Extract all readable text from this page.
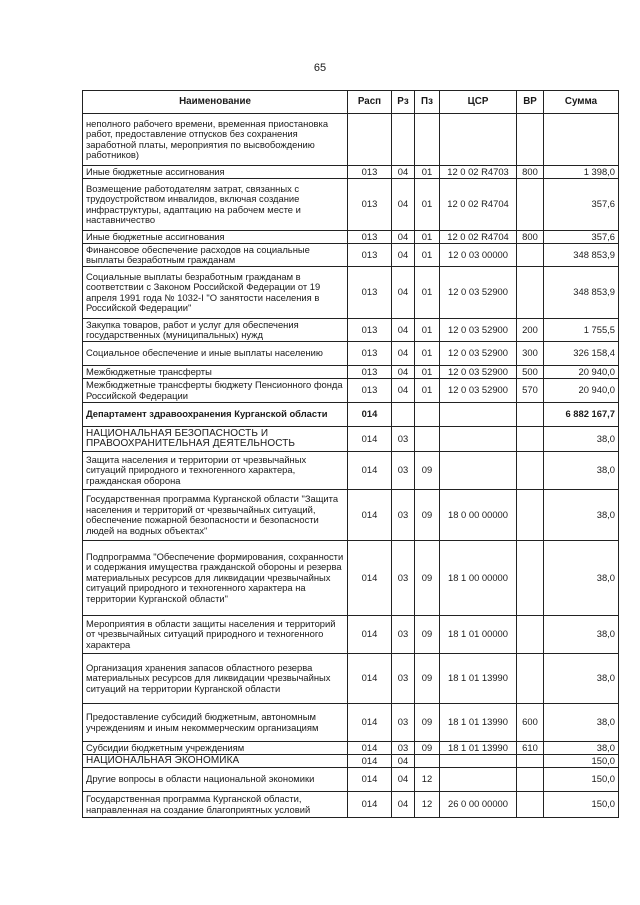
65
Наименование	Расп	Рз	Пз	ЦСР	ВР	Сумма
неполного рабочего времени, временная приостановка работ, предоставление отпусков без сохранения заработной платы, мероприятия по высвобождению работников)						
Иные бюджетные ассигнования	013	04	01	12 0 02 R4703	800	1 398,0
Возмещение работодателям затрат, связанных с трудоустройством инвалидов, включая создание инфраструктуры, адаптацию на рабочем месте и наставничество	013	04	01	12 0 02 R4704		357,6
Иные бюджетные ассигнования	013	04	01	12 0 02 R4704	800	357,6
Финансовое обеспечение расходов на социальные выплаты безработным гражданам	013	04	01	12 0 03 00000		348 853,9
Социальные выплаты безработным гражданам в соответствии с Законом Российской Федерации от 19 апреля 1991 года № 1032-I "О занятости населения в Российской Федерации"	013	04	01	12 0 03 52900		348 853,9
Закупка товаров, работ и услуг для обеспечения государственных (муниципальных) нужд	013	04	01	12 0 03 52900	200	1 755,5
Социальное обеспечение и иные выплаты населению	013	04	01	12 0 03 52900	300	326 158,4
Межбюджетные трансферты	013	04	01	12 0 03 52900	500	20 940,0
Межбюджетные трансферты бюджету Пенсионного фонда Российской Федерации	013	04	01	12 0 03 52900	570	20 940,0
Департамент здравоохранения Курганской области	014					6 882 167,7
НАЦИОНАЛЬНАЯ БЕЗОПАСНОСТЬ И ПРАВООХРАНИТЕЛЬНАЯ ДЕЯТЕЛЬНОСТЬ	014	03				38,0
Защита населения и территории от чрезвычайных ситуаций природного и техногенного характера, гражданская оборона	014	03	09			38,0
Государственная программа Курганской области "Защита населения и территорий от чрезвычайных ситуаций, обеспечение пожарной безопасности и безопасности людей на водных объектах"	014	03	09	18 0 00 00000		38,0
Подпрограмма "Обеспечение формирования, сохранности и содержания имущества гражданской обороны и резерва материальных ресурсов для ликвидации чрезвычайных ситуаций природного и техногенного характера на территории Курганской области"	014	03	09	18 1 00 00000		38,0
Мероприятия в области защиты населения и территорий от чрезвычайных ситуаций природного и техногенного характера	014	03	09	18 1 01 00000		38,0
Организация хранения запасов областного резерва материальных ресурсов для ликвидации чрезвычайных ситуаций на территории Курганской области	014	03	09	18 1 01 13990		38,0
Предоставление субсидий бюджетным, автономным учреждениям и иным некоммерческим организациям	014	03	09	18 1 01 13990	600	38,0
Субсидии бюджетным учреждениям	014	03	09	18 1 01 13990	610	38,0
НАЦИОНАЛЬНАЯ ЭКОНОМИКА	014	04				150,0
Другие вопросы в области национальной экономики	014	04	12			150,0
Государственная программа Курганской области, направленная на создание благоприятных условий	014	04	12	26 0 00 00000		150,0
